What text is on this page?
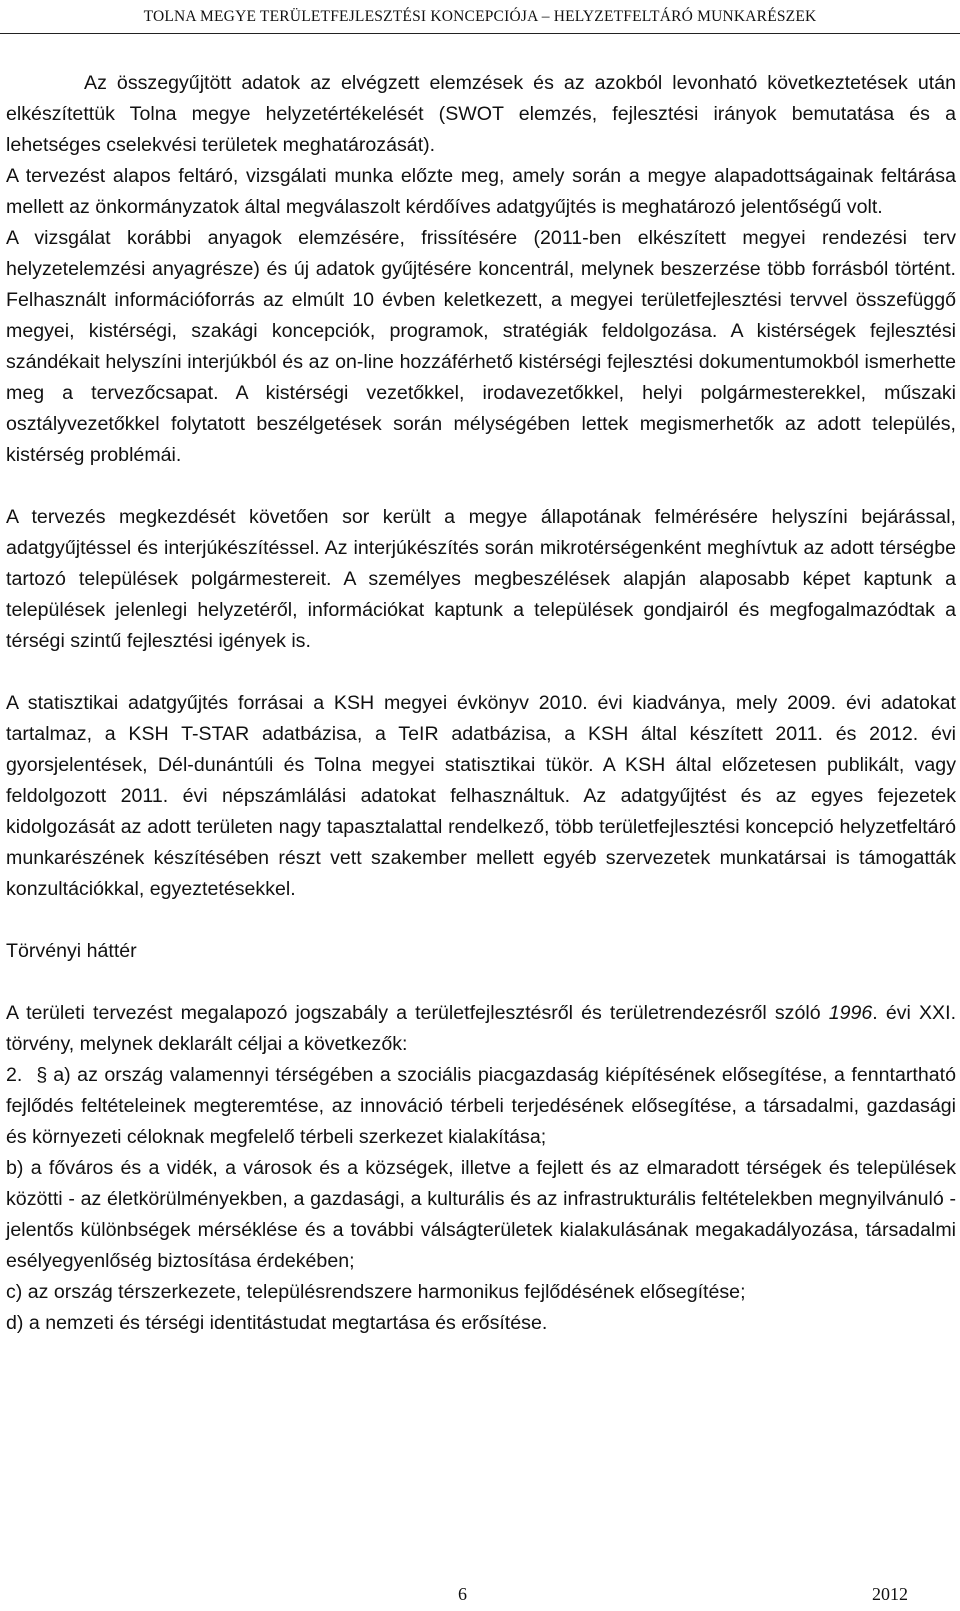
TOLNA MEGYE TERÜLETFEJLESZTÉSI KONCEPCIÓJA – HELYZETFELTÁRÓ MUNKARÉSZEK

Az összegyűjtött adatok az elvégzett elemzések és az azokból levonható következtetések után elkészítettük Tolna megye helyzetértékelését (SWOT elemzés, fejlesztési irányok bemutatása és a lehetséges cselekvési területek meghatározását).

A tervezést alapos feltáró, vizsgálati munka előzte meg, amely során a megye alapadottságainak feltárása mellett az önkormányzatok által megválaszolt kérdőíves adatgyűjtés is meghatározó jelentőségű volt.

A vizsgálat korábbi anyagok elemzésére, frissítésére (2011-ben elkészített megyei rendezési terv helyzetelemzési anyagrésze) és új adatok gyűjtésére koncentrál, melynek beszerzése több forrásból történt. Felhasznált információforrás az elmúlt 10 évben keletkezett, a megyei területfejlesztési tervvel összefüggő megyei, kistérségi, szakági koncepciók, programok, stratégiák feldolgozása. A kistérségek fejlesztési szándékait helyszíni interjúkból és az on-line hozzáférhető kistérségi fejlesztési dokumentumokból ismerhette meg a tervezőcsapat. A kistérségi vezetőkkel, irodavezetőkkel, helyi polgármesterekkel, műszaki osztályvezetőkkel folytatott beszélgetések során mélységében lettek megismerhetők az adott település, kistérség problémái.

A tervezés megkezdését követően sor került a megye állapotának felmérésére helyszíni bejárással, adatgyűjtéssel és interjúkészítéssel. Az interjúkészítés során mikrotérségenként meghívtuk az adott térségbe tartozó települések polgármestereit. A személyes megbeszélések alapján alaposabb képet kaptunk a települések jelenlegi helyzetéről, információkat kaptunk a települések gondjairól és megfogalmazódtak a térségi szintű fejlesztési igények is.

A statisztikai adatgyűjtés forrásai a KSH megyei évkönyv 2010. évi kiadványa, mely 2009. évi adatokat tartalmaz, a KSH T-STAR adatbázisa, a TeIR adatbázisa, a KSH által készített 2011. és 2012. évi gyorsjelentések, Dél-dunántúli és Tolna megyei statisztikai tükör. A KSH által előzetesen publikált, vagy feldolgozott 2011. évi népszámlálási adatokat felhasználtuk. Az adatgyűjtést és az egyes fejezetek kidolgozását az adott területen nagy tapasztalattal rendelkező, több területfejlesztési koncepció helyzetfeltáró munkarészének készítésében részt vett szakember mellett egyéb szervezetek munkatársai is támogatták konzultációkkal, egyeztetésekkel.

Törvényi háttér

A területi tervezést megalapozó jogszabály a területfejlesztésről és területrendezésről szóló 1996. évi XXI. törvény, melynek deklarált céljai a következők:

2. § a) az ország valamennyi térségében a szociális piacgazdaság kiépítésének elősegítése, a fenntartható fejlődés feltételeinek megteremtése, az innováció térbeli terjedésének elősegítése, a társadalmi, gazdasági és környezeti céloknak megfelelő térbeli szerkezet kialakítása;

b) a főváros és a vidék, a városok és a községek, illetve a fejlett és az elmaradott térségek és települések közötti - az életkörülményekben, a gazdasági, a kulturális és az infrastrukturális feltételekben megnyilvánuló - jelentős különbségek mérséklése és a további válságterületek kialakulásának megakadályozása, társadalmi esélyegyenlőség biztosítása érdekében;

c) az ország térszerkezete, településrendszere harmonikus fejlődésének elősegítése;

d) a nemzeti és térségi identitástudat megtartása és erősítése.

6	2012
